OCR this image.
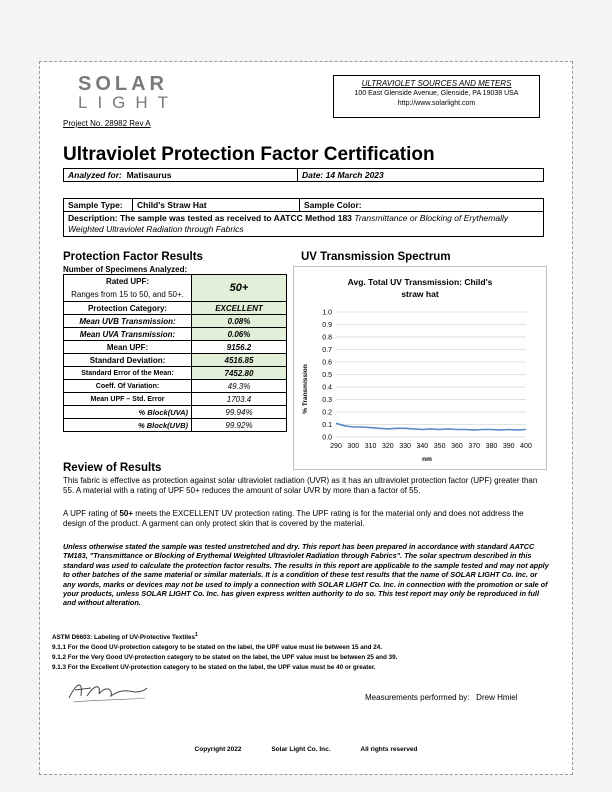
SOLAR
LIGHT
Project No. 28982 Rev A
ULTRAVIOLET SOURCES AND METERS
100 East Glenside Avenue, Glenside, PA 19038 USA
http://www.solarlight.com
Ultraviolet Protection Factor Certification
Analyzed for: Matisaurus	Date: 14 March 2023
Sample Type:	Child's Straw Hat	Sample Color:
Description: The sample was tested as received to AATCC Method 183 Transmittance or Blocking of Erythemally Weighted Ultraviolet Radiation through Fabrics
Protection Factor Results
Number of Specimens Analyzed:
Rated UPF:	50+
Ranges from 15 to 50, and 50+.	
Protection Category:	EXCELLENT
Mean UVB Transmission:	0.08%
Mean UVA Transmission:	0.06%
Mean UPF:	9156.2
Standard Deviation:	4516.85
Standard Error of the Mean:	7452.80
Coeff. Of Variation:	49.3%
Mean UPF – Std. Error	1703.4
% Block(UVA)	99.94%
% Block(UVB)	99.92%
UV Transmission Spectrum
Avg. Total UV Transmission: Child's
straw hat
0.0
0.1
0.2
0.3
0.4
0.5
0.6
0.7
0.8
0.9
1.0
290 300 310 320 330 340 350 360 370 380 390 400
% Transmission
nm
Review of Results
This fabric is effective as protection against solar ultraviolet radiation (UVR) as it has an ultraviolet protection factor (UPF) greater than 55. A material with a rating of UPF 50+ reduces the amount of solar UVR by more than a factor of 55.
A UPF rating of 50+ meets the EXCELLENT UV protection rating. The UPF rating is for the material only and does not address the design of the product. A garment can only protect skin that is covered by the material.
Unless otherwise stated the sample was tested unstretched and dry. This report has been prepared in accordance with standard AATCC TM183, "Transmittance or Blocking of Erythemal Weighted Ultraviolet Radiation through Fabrics". The solar spectrum described in this standard was used to calculate the protection factor results. The results in this report are applicable to the sample tested and may not apply to other batches of the same material or similar materials. It is a condition of these test results that the name of SOLAR LIGHT Co. Inc. or any words, marks or devices may not be used to imply a connection with SOLAR LIGHT Co. Inc. in connection with the promotion or sale of your products, unless SOLAR LIGHT Co. Inc. has given express written authority to do so. This test report may only be reproduced in full and without alteration.
ASTM D6603: Labeling of UV-Protective Textiles$^1$
9.1.1 For the Good UV-protection category to be stated on the label, the UPF value must lie between 15 and 24.
9.1.2 For the Very Good UV-protection category to be stated on the label, the UPF value must be between 25 and 39.
9.1.3 For the Excellent UV-protection category to be stated on the label, the UPF value must be 40 or greater.
Measurements performed by: Drew Hmiel
Copyright 2022	Solar Light Co. Inc.	All rights reserved
